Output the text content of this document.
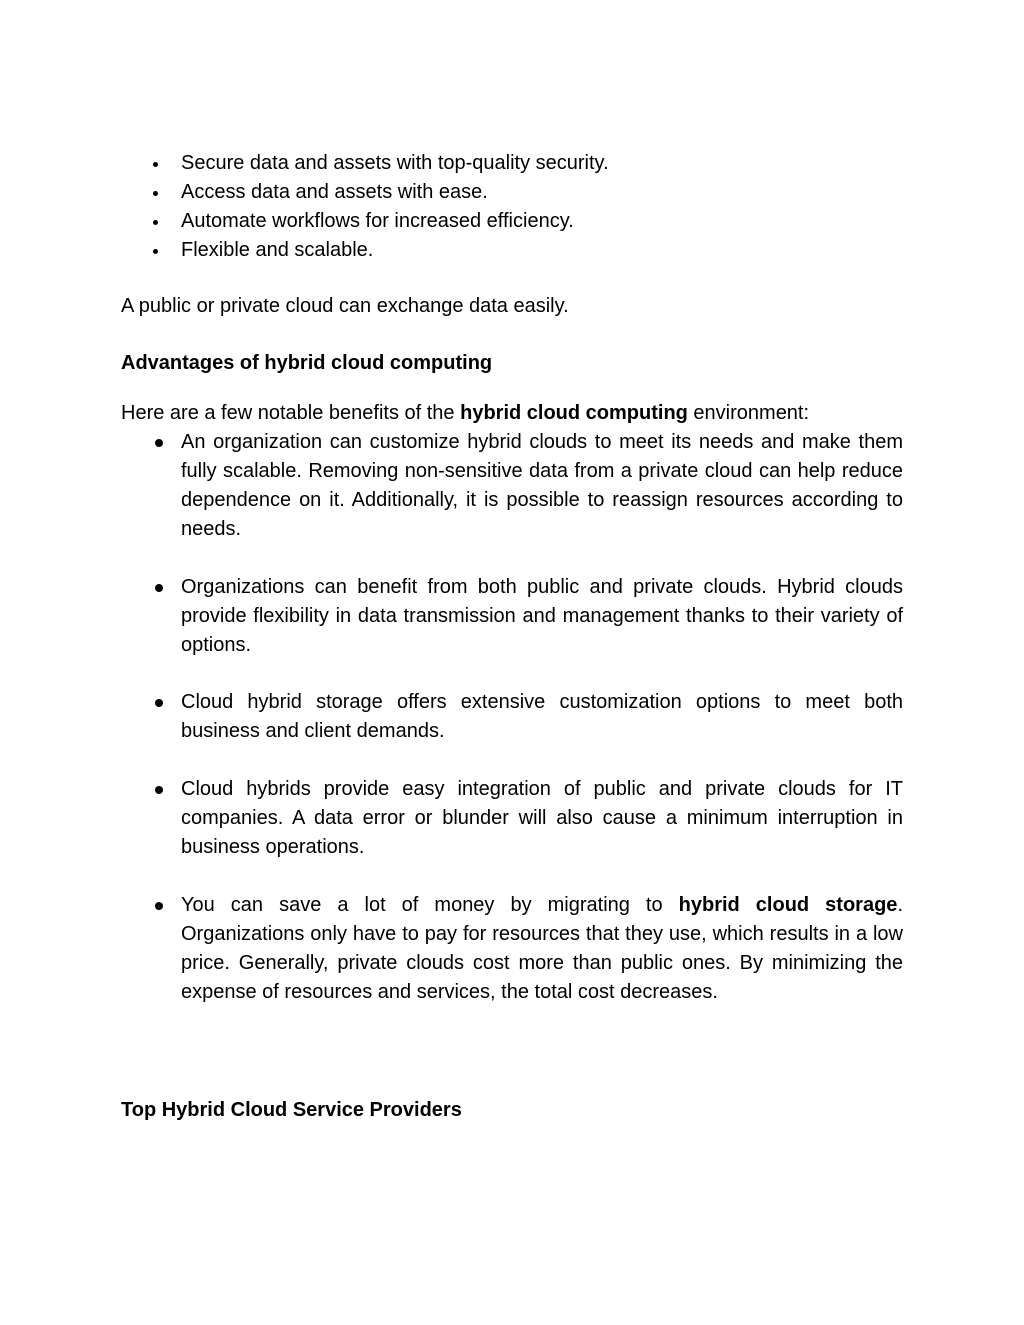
Secure data and assets with top-quality security.
Access data and assets with ease.
Automate workflows for increased efficiency.
Flexible and scalable.
A public or private cloud can exchange data easily.
Advantages of hybrid cloud computing
Here are a few notable benefits of the hybrid cloud computing environment:
An organization can customize hybrid clouds to meet its needs and make them fully scalable. Removing non-sensitive data from a private cloud can help reduce dependence on it. Additionally, it is possible to reassign resources according to needs.
Organizations can benefit from both public and private clouds. Hybrid clouds provide flexibility in data transmission and management thanks to their variety of options.
Cloud hybrid storage offers extensive customization options to meet both business and client demands.
Cloud hybrids provide easy integration of public and private clouds for IT companies. A data error or blunder will also cause a minimum interruption in business operations.
You can save a lot of money by migrating to hybrid cloud storage. Organizations only have to pay for resources that they use, which results in a low price. Generally, private clouds cost more than public ones. By minimizing the expense of resources and services, the total cost decreases.
Top Hybrid Cloud Service Providers
